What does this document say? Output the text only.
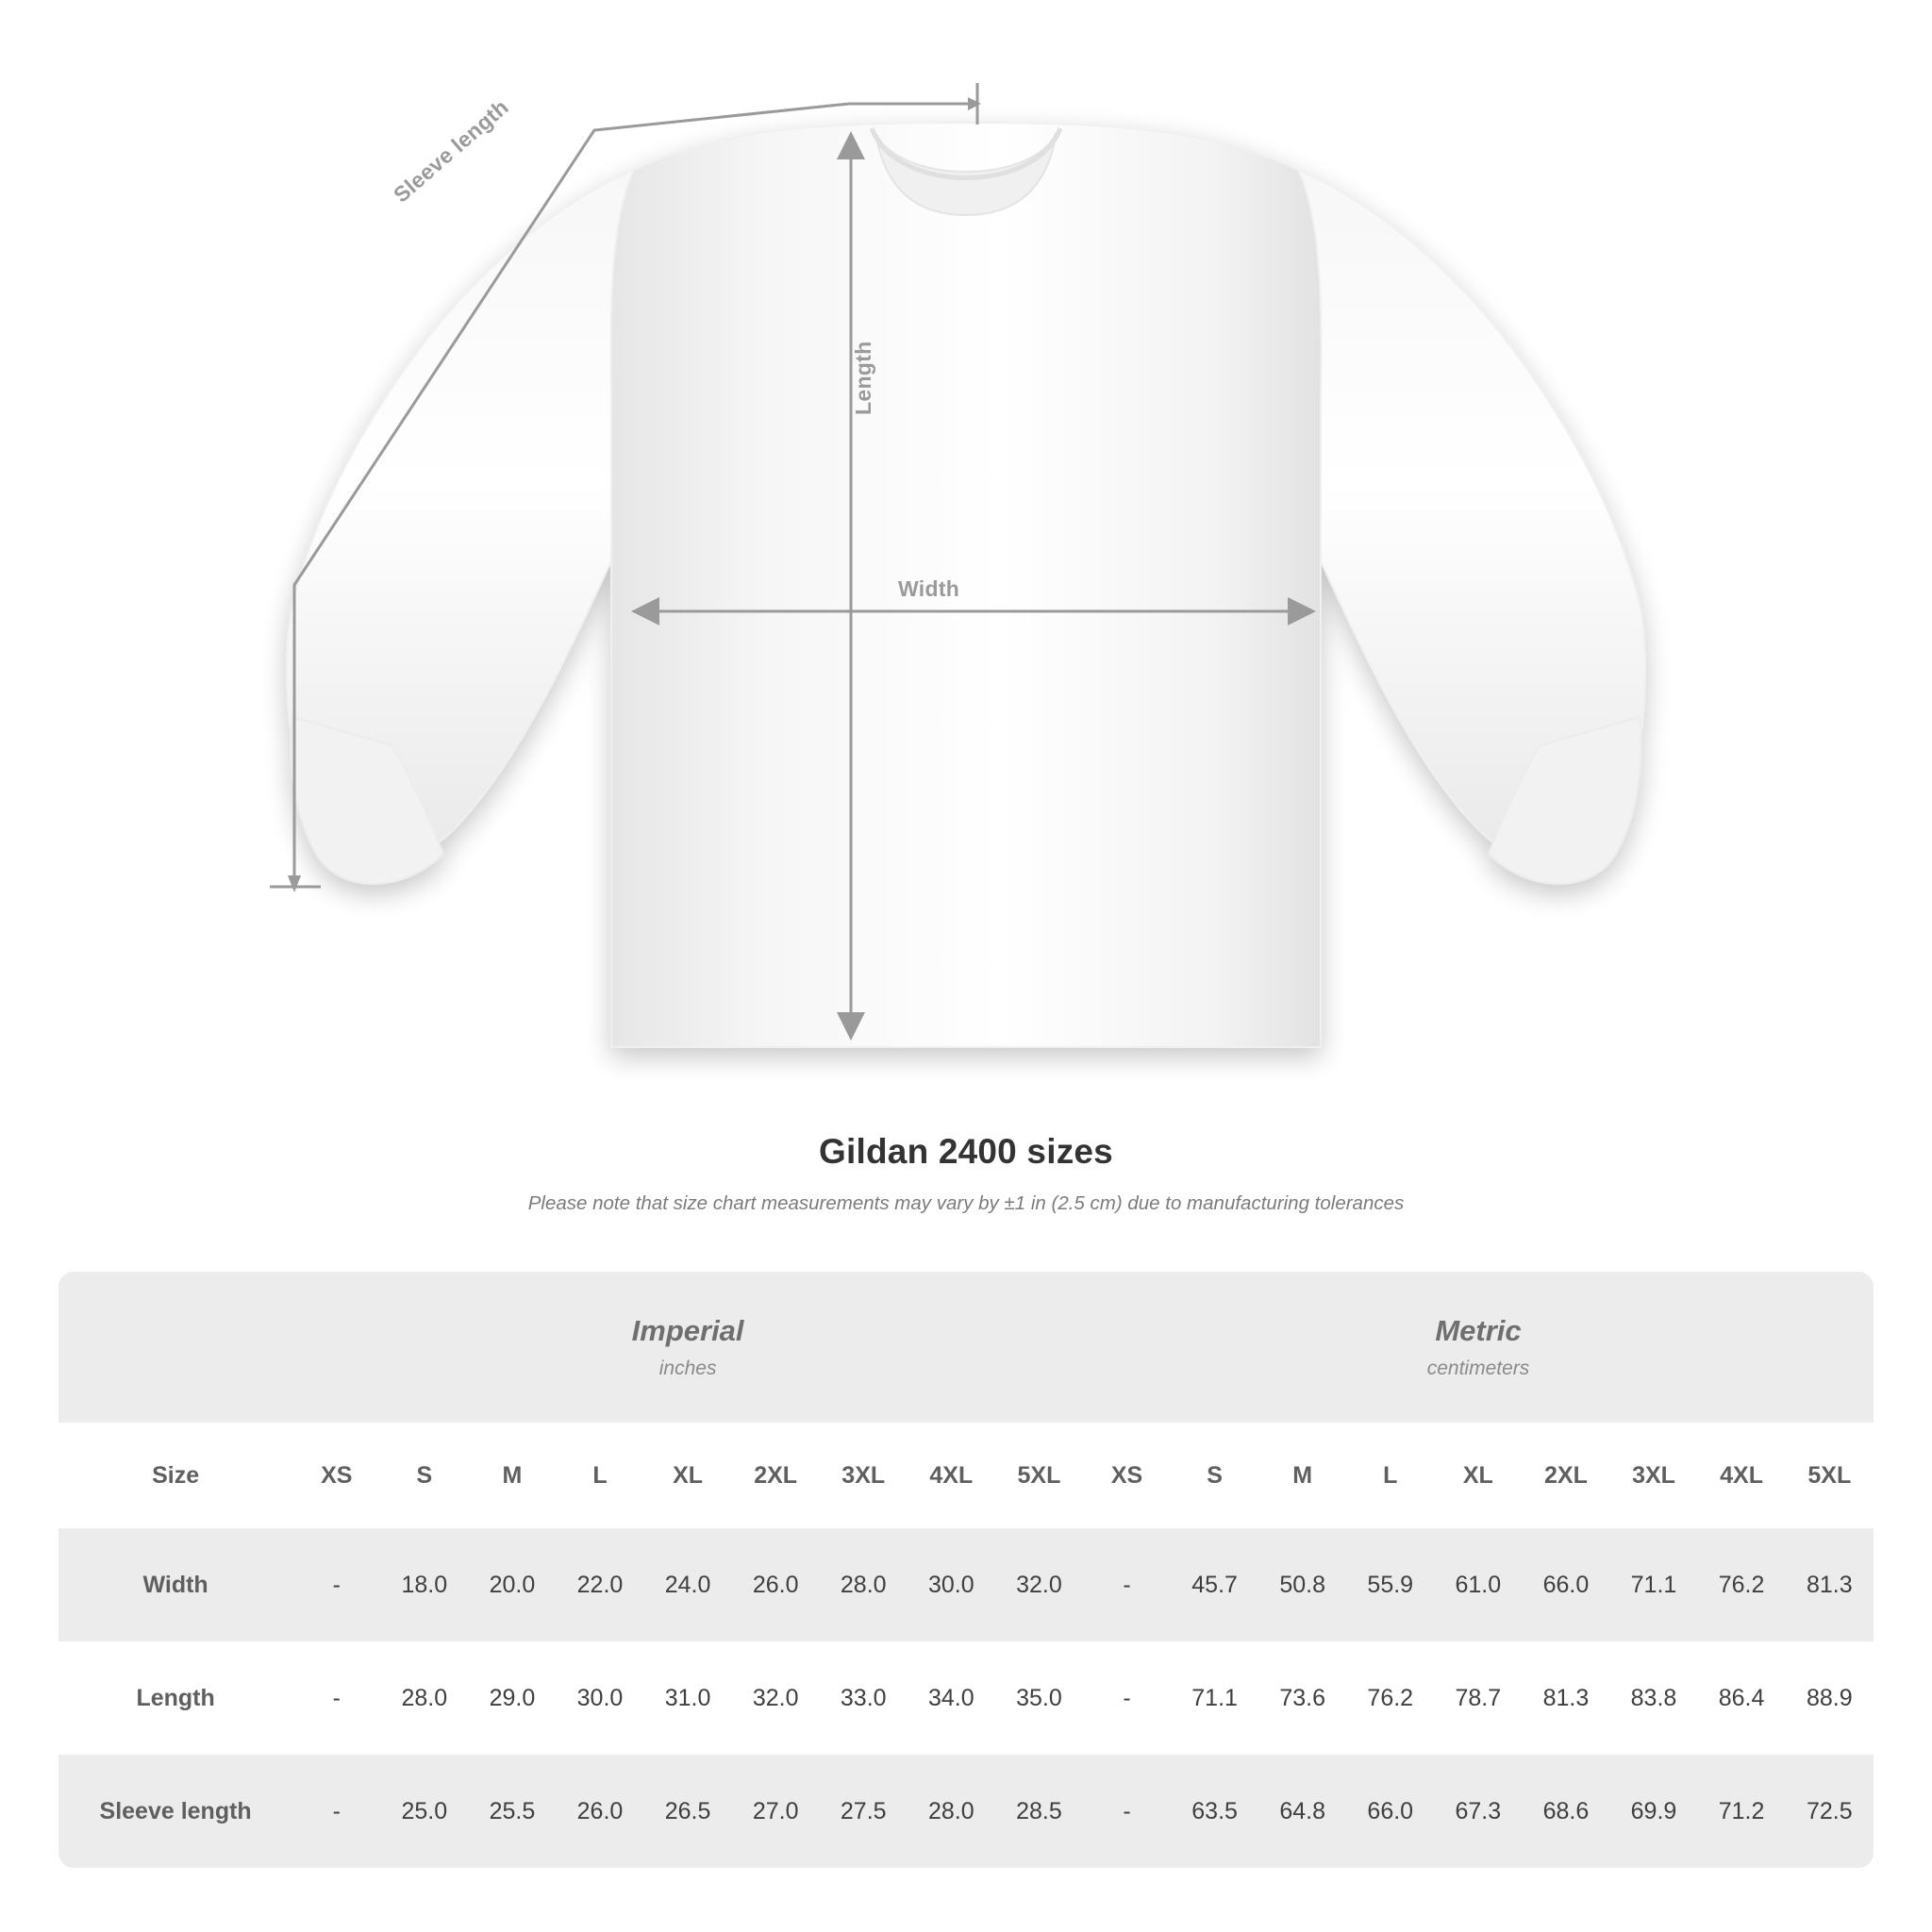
Width
Length
Sleeve length
Gildan 2400 sizes
Please note that size chart measurements may vary by ±1 in (2.5 cm) due to manufacturing tolerances

Imperial
inches

Metric
centimeters

Size	XS	S	M	L	XL	2XL	3XL	4XL	5XL	XS	S	M	L	XL	2XL	3XL	4XL	5XL
Width	-	18.0	20.0	22.0	24.0	26.0	28.0	30.0	32.0	-	45.7	50.8	55.9	61.0	66.0	71.1	76.2	81.3
Length	-	28.0	29.0	30.0	31.0	32.0	33.0	34.0	35.0	-	71.1	73.6	76.2	78.7	81.3	83.8	86.4	88.9
Sleeve length	-	25.0	25.5	26.0	26.5	27.0	27.5	28.0	28.5	-	63.5	64.8	66.0	67.3	68.6	69.9	71.2	72.5
